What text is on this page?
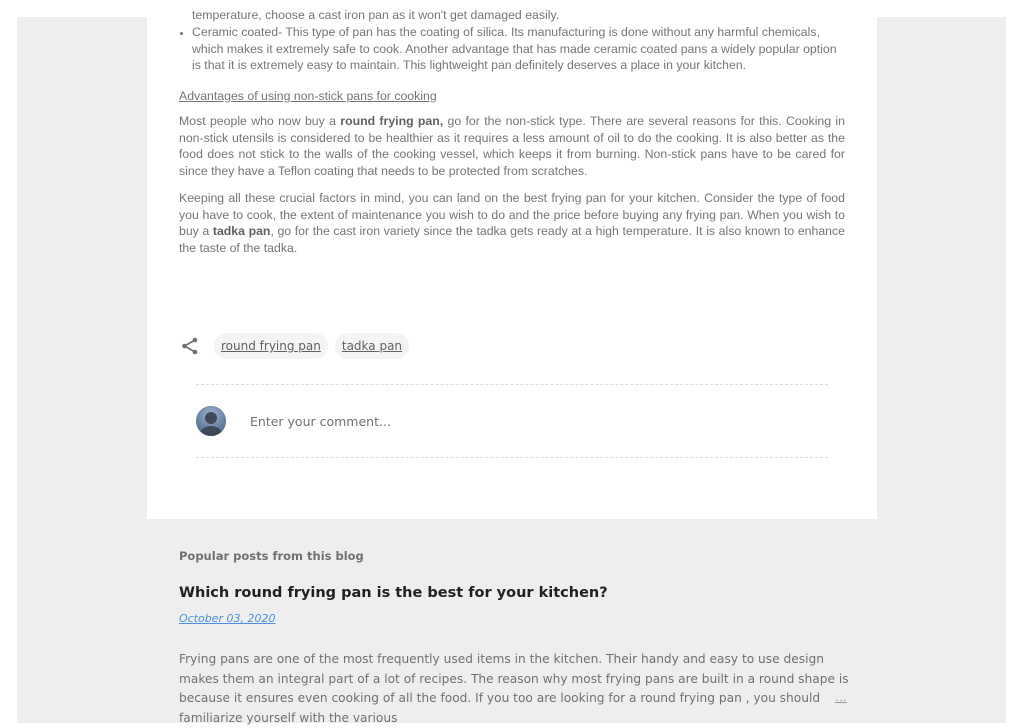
temperature, choose a cast iron pan as it won't get damaged easily.
• Ceramic coated- This type of pan has the coating of silica. Its manufacturing is done without any harmful chemicals, which makes it extremely safe to cook. Another advantage that has made ceramic coated pans a widely popular option is that it is extremely easy to maintain. This lightweight pan definitely deserves a place in your kitchen.
Advantages of using non-stick pans for cooking

Most people who now buy a round frying pan, go for the non-stick type. There are several reasons for this. Cooking in non-stick utensils is considered to be healthier as it requires a less amount of oil to do the cooking. It is also better as the food does not stick to the walls of the cooking vessel, which keeps it from burning. Non-stick pans have to be cared for since they have a Teflon coating that needs to be protected from scratches.

Keeping all these crucial factors in mind, you can land on the best frying pan for your kitchen. Consider the type of food you have to cook, the extent of maintenance you wish to do and the price before buying any frying pan. When you wish to buy a tadka pan, go for the cast iron variety since the tadka gets ready at a high temperature. It is also known to enhance the taste of the tadka.

round frying pan	tadka pan
Enter your comment...
Popular posts from this blog
Which round frying pan is the best for your kitchen?
October 03, 2020
Frying pans are one of the most frequently used items in the kitchen. Their handy and easy to use design makes them an integral part of a lot of recipes. The reason why most frying pans are built in a round shape is because it ensures even cooking of all the food. If you too are looking for a round frying pan , you should familiarize yourself with the various
…
